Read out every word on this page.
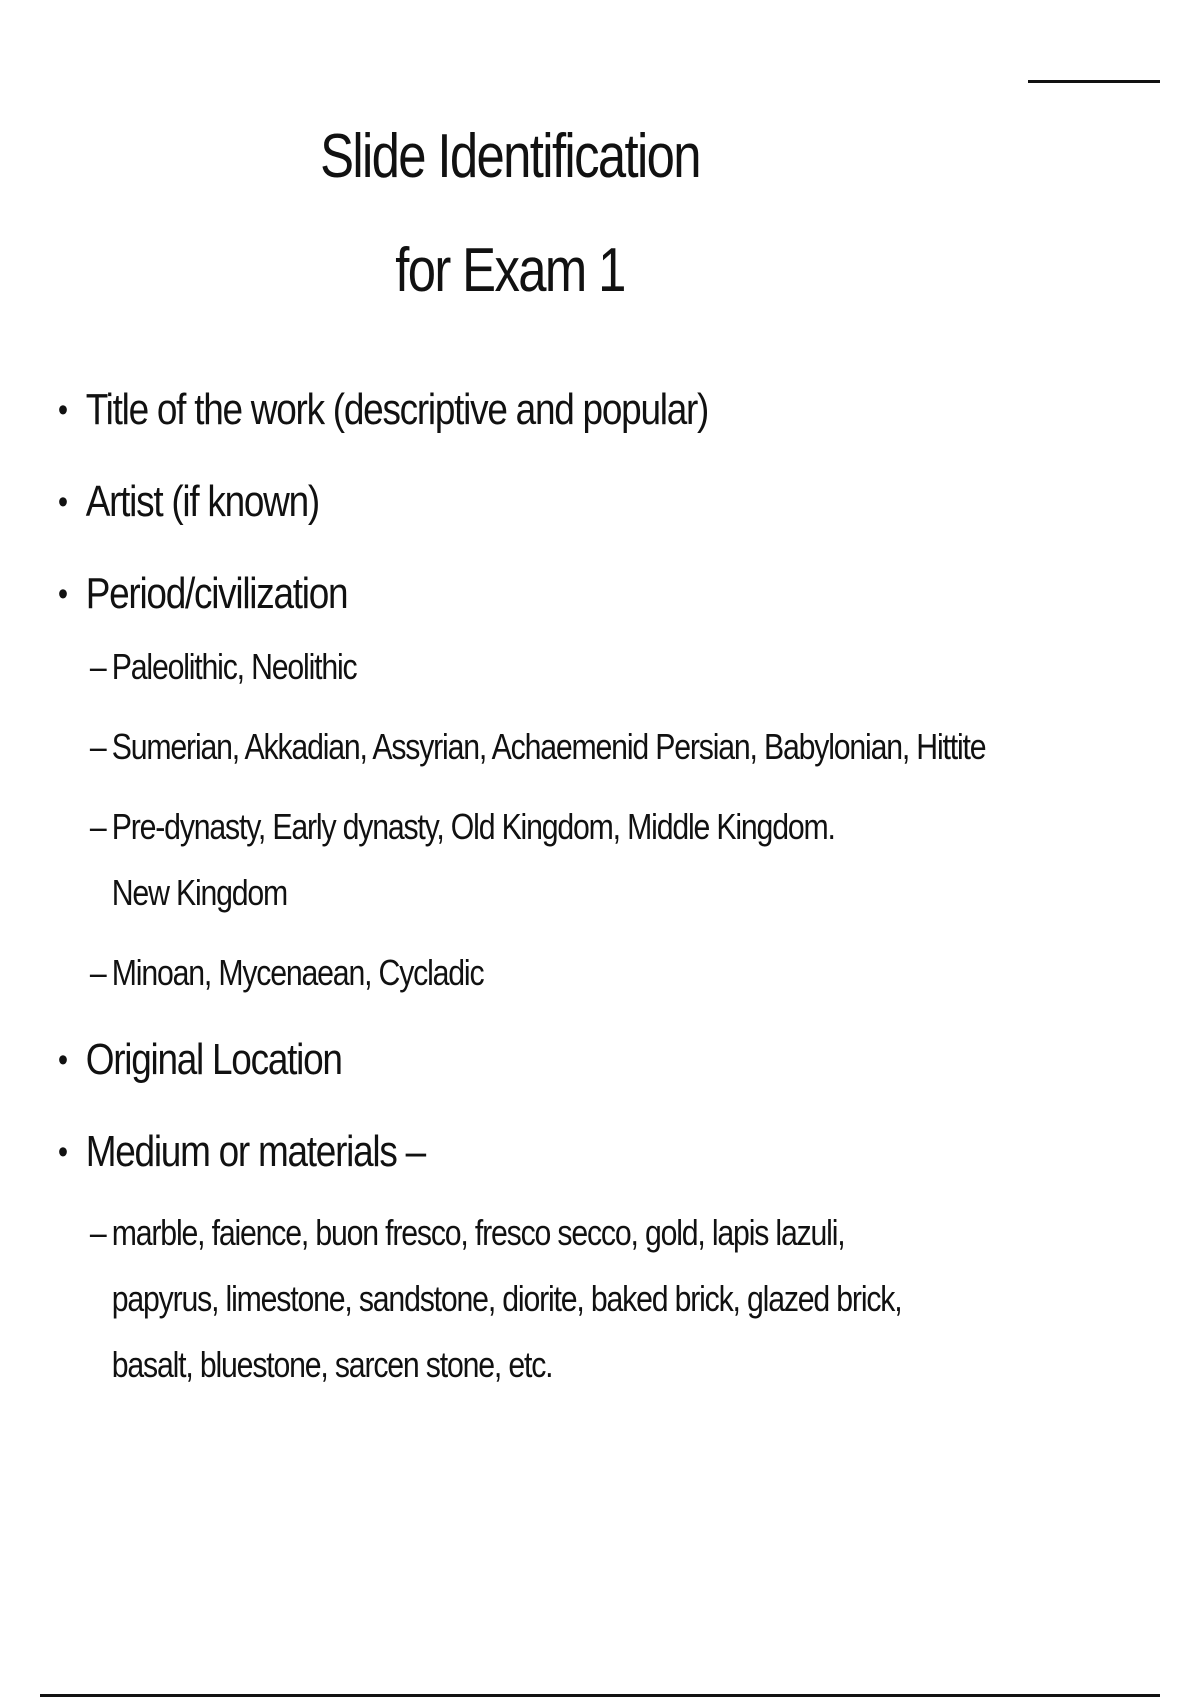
Slide Identification
for Exam 1
• Title of the work (descriptive and popular)
• Artist (if known)
• Period/civilization
– Paleolithic, Neolithic
– Sumerian, Akkadian, Assyrian, Achaemenid Persian, Babylonian, Hittite
– Pre-dynasty, Early dynasty, Old Kingdom, Middle Kingdom. New Kingdom
– Minoan, Mycenaean, Cycladic
• Original Location
• Medium or materials –
– marble, faience, buon fresco, fresco secco, gold, lapis lazuli, papyrus, limestone, sandstone, diorite, baked brick, glazed brick, basalt, bluestone, sarcen stone, etc.
